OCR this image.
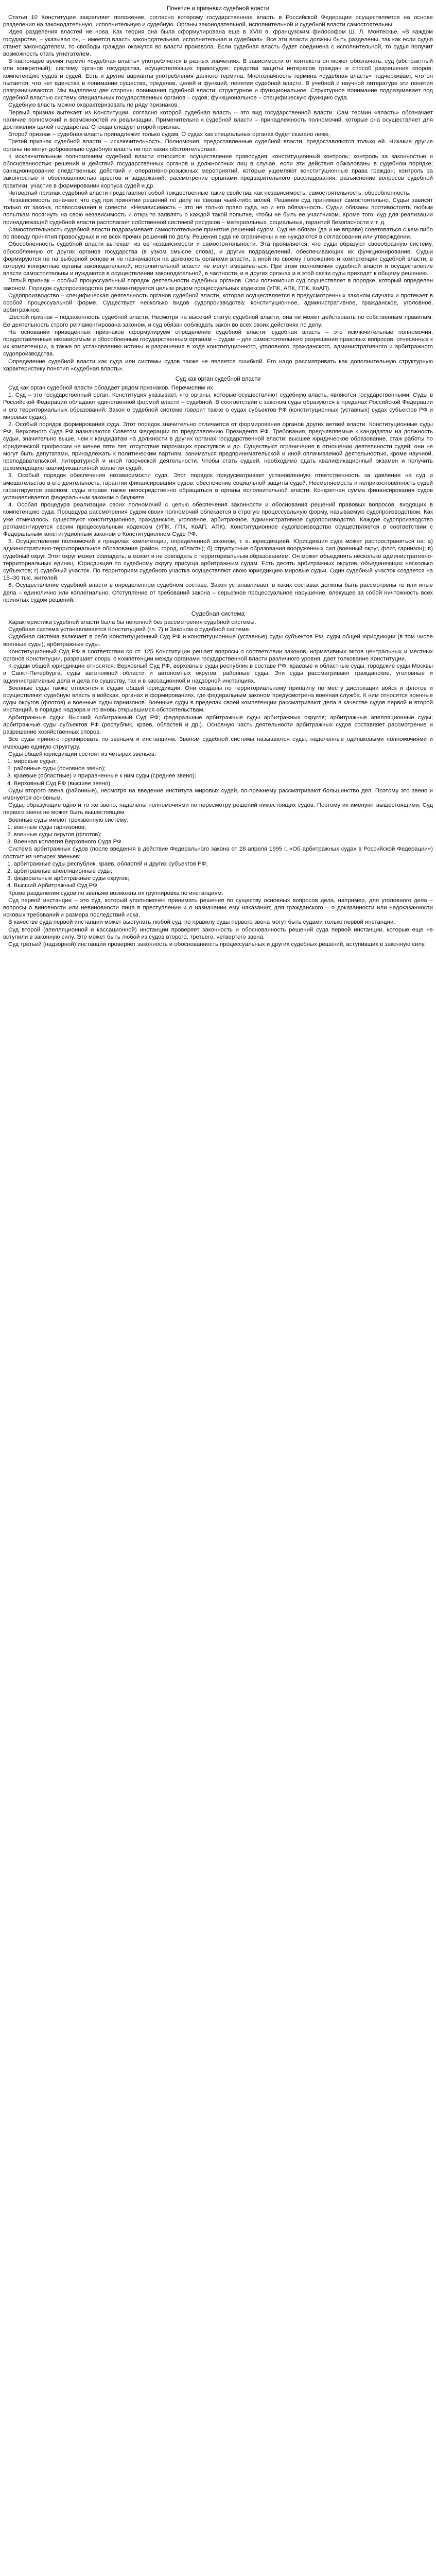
Понятие и признаки судебной власти

Статья 10 Конституции закрепляет положение, согласно которому государственная власть в Российской Федерации осуществляется на основе разделения на законодательную, исполнительную и судебную. Органы законодательной, исполнительной и судебной власти самостоятельны.

Идея разделения властей не нова. Как теория она была сформулирована еще в XVIII в. французским философом Ш. Л. Монтескье. «В каждом государстве, – указывал он, – имеется власть законодательная, исполнительная и судебная». Все эти власти должны быть разделены, так как если судья станет законодателем, то свободы граждан окажутся во власти произвола. Если судебная власть будет соединена с исполнительной, то судья получит возможность стать угнетателем.

В настоящее время термин «судебная власть» употребляется в разных значениях. В зависимости от контекста он может обозначать: суд (абстрактный или конкретный); систему органов государства, осуществляющих правосудие; средства защиты интересов граждан и способ разрешения споров; компетенцию судов и судей. Есть и другие варианты употребления данного термина. Многозначность термина «судебная власть» подчеркивает, что он пытается, что нет единства в понимании существа, пределов, целей и функций, понятия судебной власти. В учебной и научной литературе эти понятия разграничиваются. Мы выделяем две стороны понимания судебной власти: структурное и функциональное. Структурное понимание подразумевает под судебной властью систему специальных государственных органов – судов; функциональное – специфическую функцию суда.

Судебную власть можно охарактеризовать по ряду признаков.

Первый признак вытекает из Конституции, согласно которой судебная власть – это вид государственной власти. Сам термин «власть» обозначает наличие полномочий и возможностей их реализации. Применительно к судебной власти – принадлежность полномочий, которые она осуществляет для достижения целей государства. Отсюда следует второй признак.

Второй признак – судебная власть принадлежит только судам. О судах как специальных органах будет сказано ниже.

Третий признак судебной власти – исключительность. Полномочия, предоставленные судебной власти, предоставляются только ей. Никакие другие органы не могут добровольно судебную власть ни при каких обстоятельствах.

К исключительным полномочиям судебной власти относится: осуществление правосудия; конституционный контроль; контроль за законностью и обоснованностью решений и действий государственных органов и должностных лиц в случае, если эти действия обжалованы в судебном порядке; санкционирование следственных действий и оперативно-розыскных мероприятий, которые ущемляют конституционные права граждан; контроль за законностью и обоснованностью арестов и задержаний; рассмотрение органами предварительного расследования; разъяснение вопросов судебной практики; участие в формировании корпуса судей и др.

Четвертый признак судебной власти представляет собой тождественные такие свойства, как независимость, самостоятельность, обособленность.

Независимость означает, что суд при принятии решений по делу не связан чьей-либо волей. Решения суд принимает самостоятельно. Судьи зависят только от закона, правосознания и совести. «Независимость – это не только право суда, но и его обязанность. Судьи обязаны противостоять любым попыткам посягнуть на свою независимость и открыто заявлять о каждой такой попытке, чтобы не быть ее участником. Кроме того, суд для реализации принадлежащей судебной власти располагает собственной системой ресурсов – материальных, социальных, гарантий безопасности и т. д.

Самостоятельность судебной власти подразумевает самостоятельное принятие решений судом. Суд не обязан (да и не вправе) советоваться с кем-либо по поводу принятия правосудных и не всех прочих решений по делу. Решения суда не ограничены и не нуждаются в согласовании или утверждении.

Обособленность судебной власти вытекает из ее независимости и самостоятельности. Эта проявляется, что суды образуют своеобразную систему, обособленную от других органов государства (в узком смысле слова), и других подразделений, обеспечивающих их функционирование. Судьи формируются не на выборной основе и не назначаются на должность органами власти, а иной по своему положению и компетенции судебной власти, в которую конкретные органы законодательной, исполнительной власти не могут вмешиваться. При этом полномочия судебной власти и осуществление власти самостоятельны и нуждаются в осуществлении законодательной, в частности, и в других органах и в этой связи суды приходят к общему решению.

Пятый признак – особый процессуальный порядок деятельности судебных органов. Свои полномочия суд осуществляет в порядке, который определен законом. Порядок судопроизводства регламентируется целым рядом процессуальных кодексов (УПК, АПК, ГПК, КоАП).

Судопроизводство – специфическая деятельность органов судебной власти, которая осуществляется в предусмотренных законом случаях и протекает в особой процессуальной форме. Существует несколько видов судопроизводства: конституционное, административное, гражданское, уголовное, арбитражное.

Шестой признак – подзаконность судебной власти. Несмотря на высокий статус судебной власти, она не может действовать по собственным правилам. Ее деятельность строго регламентирована законом, и суд обязан соблюдать закон во всех своих действиях по делу.

На основании приведенных признаков сформулируем определение судебной власти: судебная власть – это исключительные полномочия, предоставленные независимым и обособленным государственным органам – судам – для самостоятельного разрешения правовых вопросов, отнесенных к их компетенции, а также по установлению истины и разрешения в ходе конституционного, уголовного, гражданского, административного и арбитражного судопроизводства.

Определение судебной власти как суда или системы судов также не является ошибкой. Его надо рассматривать как дополнительную структурную характеристику понятия «судебная власть».

Суд как орган судебной власти

Суд как орган судебной власти обладает рядом признаков. Перечислим их.

1. Суд – это государственный орган. Конституция указывает, что органы, которые осуществляют судебную власть, являются государственными. Суды в Российской Федерации обладают единственной формой власти – судебной. В соответствии с законом суды образуются в пределах Российской Федерации и его территориальных образований. Закон о судебной системе говорит также о судах субъектов РФ (конституционных (уставных) судах субъектов РФ и мировых судах).

2. Особый порядок формирования суда. Этот порядок значительно отличается от формирования органов других ветвей власти. Конституционные суды РФ, Верховного Суда РФ назначаются Советом Федерации по представлению Президента РФ. Требования, предъявляемые к кандидатам на должность судьи, значительно выше, чем к кандидатам на должности в других органах государственной власти: высшее юридическое образование, стаж работы по юридической профессии не менее пяти лет, отсутствие порочащих проступков и др. Существуют ограничения в отношении деятельности судей: они не могут быть депутатами, принадлежать к политическим партиям, заниматься предпринимательской и иной оплачиваемой деятельностью, кроме научной, преподавательской, литературной и иной творческой деятельности. Чтобы стать судьей, необходимо сдать квалификационный экзамен и получить рекомендацию квалификационной коллегии судей.

3. Особый порядок обеспечения независимости суда. Этот порядок предусматривает установленную ответственность за давление на суд и вмешательство в его деятельность; гарантии финансирования судов; обеспечение социальной защиты судей. Несменяемость и неприкосновенность судей гарантируется законом; суды вправе также непосредственно обращаться в органы исполнительной власти. Конкретная сумма финансирования судов устанавливается федеральным законом о бюджете.

4. Особая процедура реализации своих полномочий с целью обеспечения законности и обоснования решений правовых вопросов, входящих в компетенцию суда. Процедура рассмотрения судом своих полномочий облекается в строгую процессуальную форму, называемую судопроизводством. Как уже отмечалось, существуют конституционное, гражданское, уголовное, арбитражное, административное судопроизводство. Каждое судопроизводство регламентируется своим процессуальным кодексом (УПК, ГПК, КоАП, АПК). Конституционное судопроизводство осуществляется в соответствии с Федеральным конституционным законом о Конституционном Суде РФ.

5. Осуществление полномочий в пределах компетенции, определенной законом, т. е. юрисдикцией. Юрисдикция суда может распространяться на: а) административно-территориальное образование (район, город, область); б) структурные образования вооруженных сил (военный округ, флот, гарнизон); в) судебный округ. Этот округ может совпадать, а может и не совпадать с территориальным образованием. Он может объединять несколько административно-территориальных единиц. Юрисдикция по судебному округу присуща арбитражным судам. Есть десять арбитражных округов, объединяющих несколько субъектов; г) судебный участок. По территориям судебного участка осуществляют свою юрисдикцию мировые судьи. Один судебный участок создается на 15–30 тыс. жителей.

6. Осуществление судебной власти в определенном судебном составе. Закон устанавливает, в каких составах должны быть рассмотрены те или иные дела – единолично или коллегиально. Отступление от требований закона – серьезное процессуальное нарушение, влекущее за собой ничтожность всех принятых судом решений.

Судебная система

Характеристика судебной власти была бы неполной без рассмотрения судебной системы.

Судебная система устанавливается Конституцией (гл. 7) и Законом о судебной системе.

Судебная система включает в себя Конституционный Суд РФ и конституционные (уставные) суды субъектов РФ, суды общей юрисдикции (в том числе военные суды), арбитражные суды.

Конституционный Суд РФ в соответствии со ст. 125 Конституции решает вопросы о соответствии законов, нормативных актов центральных и местных органов Конституции, разрешает споры о компетенции между органами государственной власти различного уровня, дает толкование Конституции.

К судам общей юрисдикции относятся: Верховный Суд РФ, верховные суды республик в составе РФ, краевые и областные суды, городские суды Москвы и Санкт-Петербурга, суды автономной области и автономных округов, районные суды. Эти суды рассматривают гражданские, уголовные и административные дела и дела по существу, так и в кассационной и надзорной инстанциях.

Военные суды также относятся к судам общей юрисдикции. Они созданы по территориальному принципу по месту дислокации войск и флотов и осуществляют судебную власть в войсках, органах и формированиях, где федеральным законом предусмотрена военная служба. К ним относятся военные суды округов (флотов) и военные суды гарнизонов. Военные суды в пределах своей компетенции рассматривают дела в качестве судов первой и второй инстанций, в порядке надзора и по вновь открывшимся обстоятельствам.

Арбитражные суды: Высший Арбитражный Суд РФ; федеральные арбитражные суды арбитражных округов; арбитражные апелляционные суды; арбитражные суды субъектов РФ (республик, краев, областей и др.). Основную часть деятельности арбитражных судов составляет рассмотрение и разрешение хозяйственных споров.

Все суды принято группировать по звеньям и инстанциям. Звеном судебной системы называются суды, наделенные одинаковыми полномочиями и имеющие единую структуру.

Суды общей юрисдикции состоят из четырех звеньев:

1. мировые судьи;
2. районные суды (основное звено);
3. краевые (областные) и приравненные к ним суды (среднее звено);
4. Верховный Суд РФ (высшее звено).

Суды второго звена (районные), несмотря на введение института мировых судей, по-прежнему рассматривают большинство дел. Поэтому это звено и именуется основным.

Суды, образующие одно и то же звено, наделены полномочиями по пересмотру решений нижестоящих судов. Поэтому их именуют вышестоящими. Суд первого звена не может быть вышестоящим.

Военные суды имеют трехзвенную систему:

1. военные суды гарнизонов;
2. военные суды округов (флотов);
3. Военная коллегия Верховного Суда РФ.

Система арбитражных судов (после введения в действие Федерального закона от 28 апреля 1995 г. «Об арбитражных судах в Российской Федерации») состоит из четырех звеньев:

1. арбитражные суды республик, краев, областей и других субъектов РФ;
2. арбитражные апелляционные суды;
3. федеральные арбитражные суды округов;
4. Высший Арбитражный Суд РФ.

Кроме разделения судов по звеньям возможна их группировка по инстанциям.

Суд первой инстанции – это суд, который уполномочен принимать решения по существу основных вопросов дела, например, для уголовного дела – вопросы о виновности или невиновности лица в преступлении и о назначении ему наказания; для гражданского – о доказанности или недоказанности исковых требований и размера последствий иска.

В качестве суда первой инстанции может выступать любой суд, по правилу суды первого звена могут быть судами только первой инстанции.

Суд второй (апелляционной и кассационной) инстанции проверяет законность и обоснованность решений суда первой инстанции, которые еще не вступили в законную силу. Это может быть любой из судов второго, третьего, четвертого звена.

Суд третьей (надзорной) инстанции проверяет законность и обоснованность процессуальных и других судебных решений, вступивших в законную силу.
